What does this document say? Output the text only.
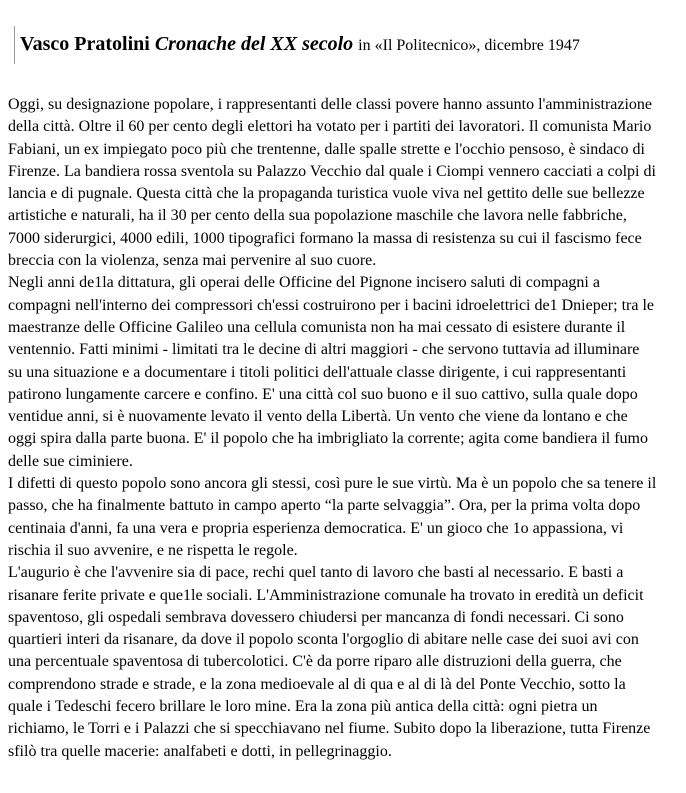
Vasco Pratolini Cronache del XX secolo in «Il Politecnico», dicembre 1947
Oggi, su designazione popolare, i rappresentanti delle classi povere hanno assunto l'amministrazione
della città. Oltre il 60 per cento degli elettori ha votato per i partiti dei lavoratori. Il comunista Mario
Fabiani, un ex impiegato poco più che trentenne, dalle spalle strette e l'occhio pensoso, è sindaco di
Firenze. La bandiera rossa sventola su Palazzo Vecchio dal quale i Ciompi vennero cacciati a colpi di
lancia e di pugnale. Questa città che la propaganda turistica vuole viva nel gettito delle sue bellezze
artistiche e naturali, ha il 30 per cento della sua popolazione maschile che lavora nelle fabbriche,
7000 siderurgici, 4000 edili, 1000 tipografici formano la massa di resistenza su cui il fascismo fece
breccia con la violenza, senza mai pervenire al suo cuore.
Negli anni de1la dittatura, gli operai delle Officine del Pignone incisero saluti di compagni a
compagni nell'interno dei compressori ch'essi costruirono per i bacini idroelettrici de1 Dnieper; tra le
maestranze delle Officine Galileo una cellula comunista non ha mai cessato di esistere durante il
ventennio. Fatti minimi - limitati tra le decine di altri maggiori - che servono tuttavia ad illuminare
su una situazione e a documentare i titoli politici dell'attuale classe dirigente, i cui rappresentanti
patirono lungamente carcere e confino. E' una città col suo buono e il suo cattivo, sulla quale dopo
ventidue anni, si è nuovamente levato il vento della Libertà. Un vento che viene da lontano e che
oggi spira dalla parte buona. E' il popolo che ha imbrigliato la corrente; agita come bandiera il fumo
delle sue ciminiere.
I difetti di questo popolo sono ancora gli stessi, così pure le sue virtù. Ma è un popolo che sa tenere il
passo, che ha finalmente battuto in campo aperto “la parte selvaggia”. Ora, per la prima volta dopo
centinaia d'anni, fa una vera e propria esperienza democratica. E' un gioco che 1o appassiona, vi
rischia il suo avvenire, e ne rispetta le regole.
L'augurio è che l'avvenire sia di pace, rechi quel tanto di lavoro che basti al necessario. E basti a
risanare ferite private e que1le sociali. L'Amministrazione comunale ha trovato in eredità un deficit
spaventoso, gli ospedali sembrava dovessero chiudersi per mancanza di fondi necessari. Ci sono
quartieri interi da risanare, da dove il popolo sconta l'orgoglio di abitare nelle case dei suoi avi con
una percentuale spaventosa di tubercolotici. C'è da porre riparo alle distruzioni della guerra, che
comprendono strade e strade, e la zona medioevale al di qua e al di là del Ponte Vecchio, sotto la
quale i Tedeschi fecero brillare le loro mine. Era la zona più antica della città: ogni pietra un
richiamo, le Torri e i Palazzi che si specchiavano nel fiume. Subito dopo la liberazione, tutta Firenze
sfilò tra quelle macerie: analfabeti e dotti, in pellegrinaggio.
